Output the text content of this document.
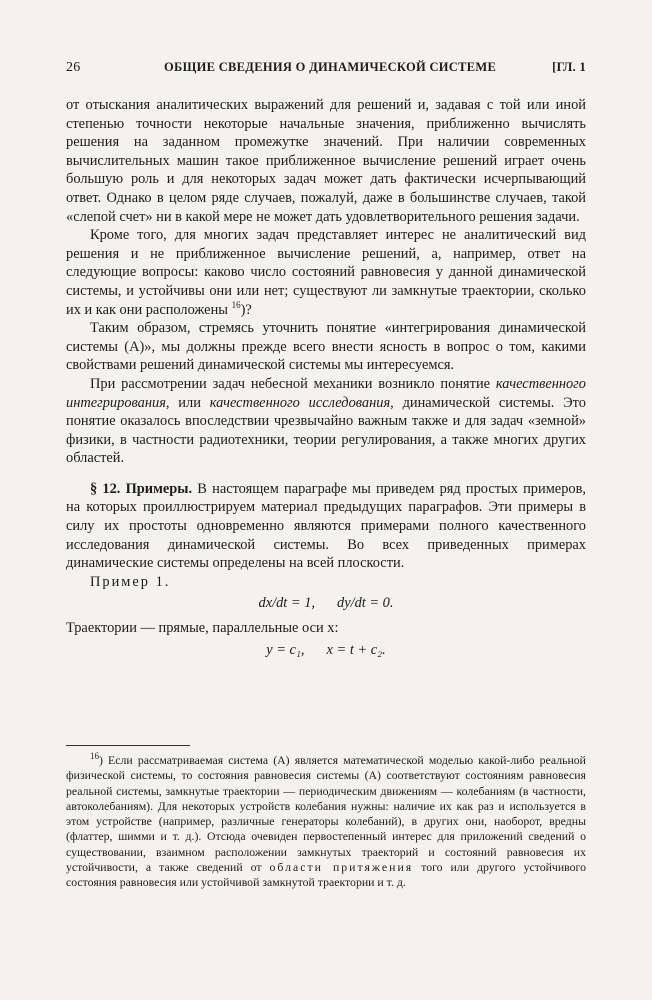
26	ОБЩИЕ СВЕДЕНИЯ О ДИНАМИЧЕСКОЙ СИСТЕМЕ	[ГЛ. 1

от отыскания аналитических выражений для решений и, задавая с той или иной степенью точности некоторые начальные значения, приближенно вычислять решения на заданном промежутке значений. При наличии современных вычислительных машин такое приближенное вычисление решений играет очень большую роль и для некоторых задач может дать фактически исчерпывающий ответ. Однако в целом ряде случаев, пожалуй, даже в большинстве случаев, такой «слепой счет» ни в какой мере не может дать удовлетворительного решения задачи.

Кроме того, для многих задач представляет интерес не аналитический вид решения и не приближенное вычисление решений, а, например, ответ на следующие вопросы: каково число состояний равновесия у данной динамической системы, и устойчивы они или нет; существуют ли замкнутые траектории, сколько их и как они расположены $^{16}$)?

Таким образом, стремясь уточнить понятие «интегрирования динамической системы (А)», мы должны прежде всего внести ясность в вопрос о том, какими свойствами решений динамической системы мы интересуемся.

При рассмотрении задач небесной механики возникло понятие качественного интегрирования, или качественного исследования, динамической системы. Это понятие оказалось впоследствии чрезвычайно важным также и для задач «земной» физики, в частности радиотехники, теории регулирования, а также многих других областей.

§ 12. Примеры. В настоящем параграфе мы приведем ряд простых примеров, на которых проиллюстрируем материал предыдущих параграфов. Эти примеры в силу их простоты одновременно являются примерами полного качественного исследования динамической системы. Во всех приведенных примерах динамические системы определены на всей плоскости.

Пример 1.

dx/dt = 1, dy/dt = 0.

Траектории — прямые, параллельные оси x:

y = c₁, x = t + c₂.

$^{16}$) Если рассматриваемая система (А) является математической моделью какой-либо реальной физической системы, то состояния равновесия системы (А) соответствуют состояниям равновесия реальной системы, замкнутые траектории — периодическим движениям — колебаниям (в частности, автоколебаниям). Для некоторых устройств колебания нужны: наличие их как раз и используется в этом устройстве (например, различные генераторы колебаний), в других они, наоборот, вредны (флаттер, шимми и т. д.). Отсюда очевиден первостепенный интерес для приложений сведений о существовании, взаимном расположении замкнутых траекторий и состояний равновесия их устойчивости, а также сведений от области притяжения того или другого устойчивого состояния равновесия или устойчивой замкнутой траектории и т. д.
